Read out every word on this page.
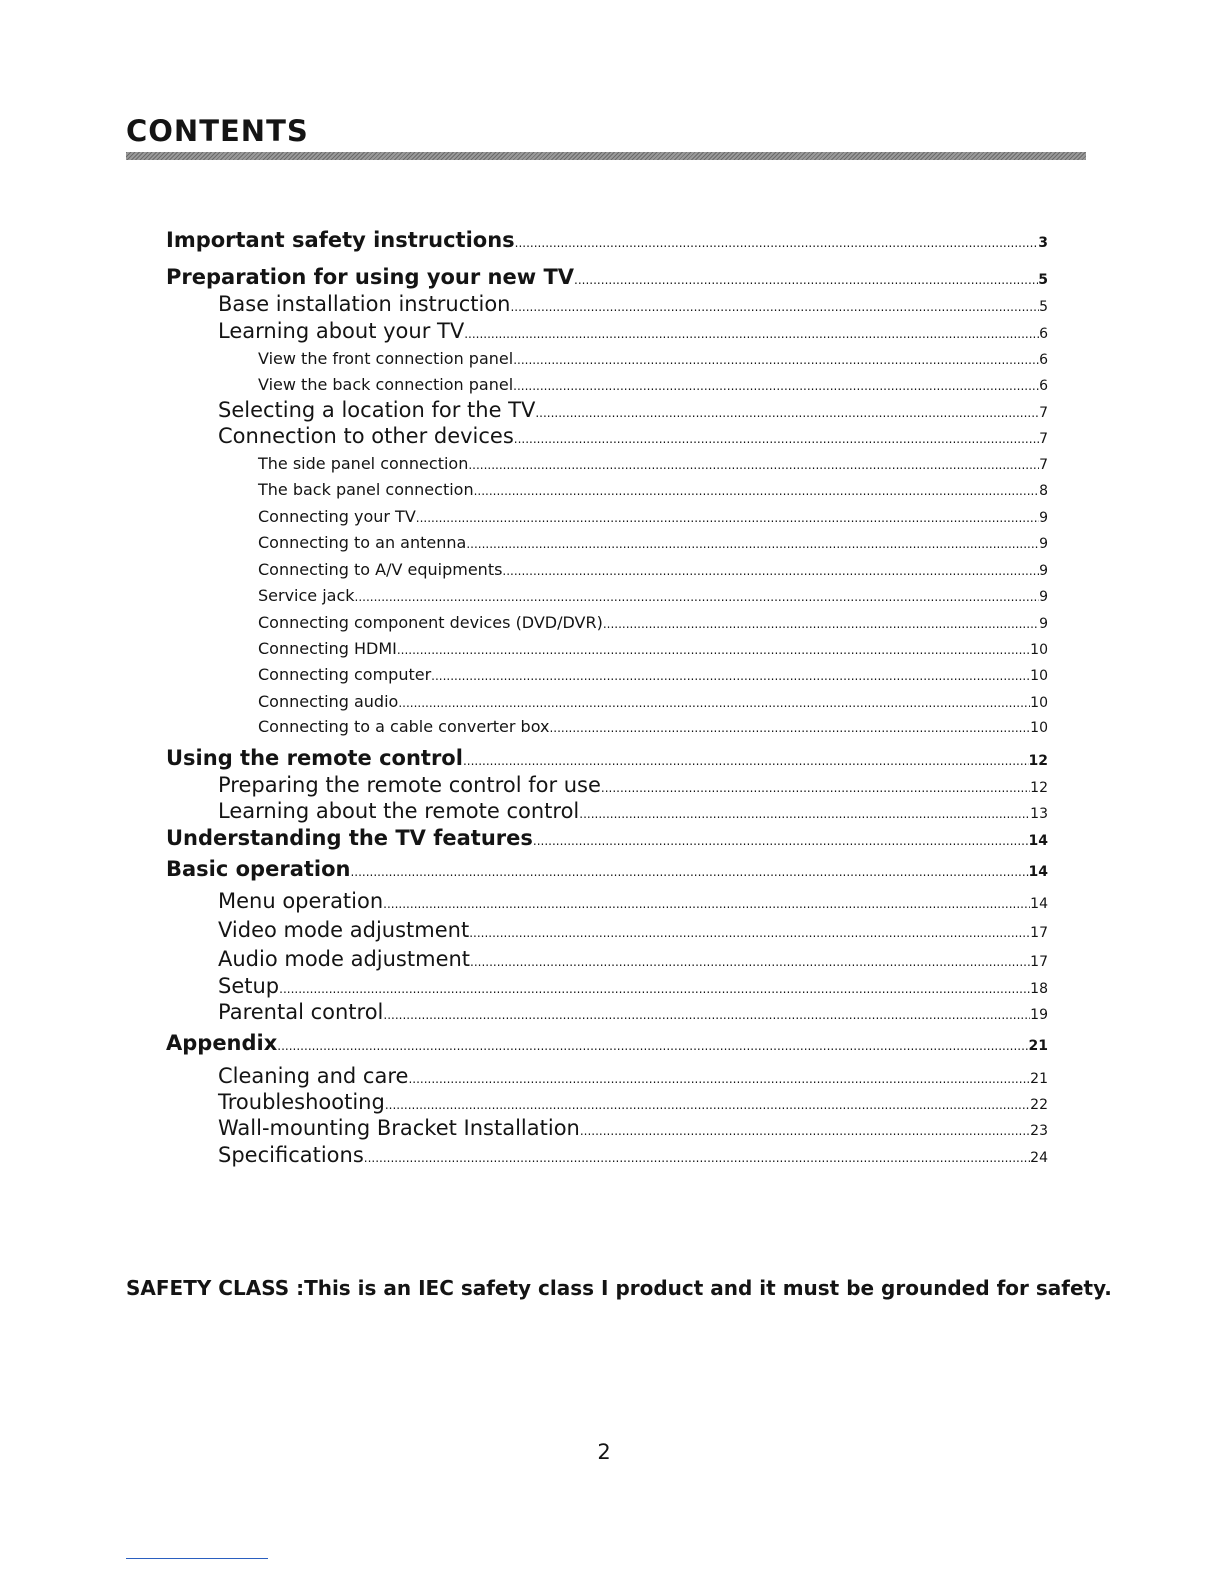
CONTENTS
Important safety instructions .....	3
Preparation for using your new TV .....	5
Base installation instruction .....	5
Learning about your TV .....	6
View the front connection panel .....	6
View the back connection panel .....	6
Selecting a location for the TV .....	7
Connection to other devices .....	7
The side panel connection .....	7
The back panel connection .....	8
Connecting your TV .....	9
Connecting to an antenna .....	9
Connecting to A/V equipments .....	9
Service jack .....	9
Connecting component devices (DVD/DVR) .....	9
Connecting HDMI .....	10
Connecting computer .....	10
Connecting audio .....	10
Connecting to a cable converter box .....	10
Using the remote control .....	12
Preparing the remote control for use .....	12
Learning about the remote control .....	13
Understanding the TV features .....	14
Basic operation .....	14
Menu operation .....	14
Video mode adjustment .....	17
Audio mode adjustment .....	17
Setup .....	18
Parental control .....	19
Appendix .....	21
Cleaning and care .....	21
Troubleshooting .....	22
Wall-mounting Bracket Installation .....	23
Specifications .....	24

SAFETY CLASS :This is an IEC safety class I product and it must be grounded for safety.

2
